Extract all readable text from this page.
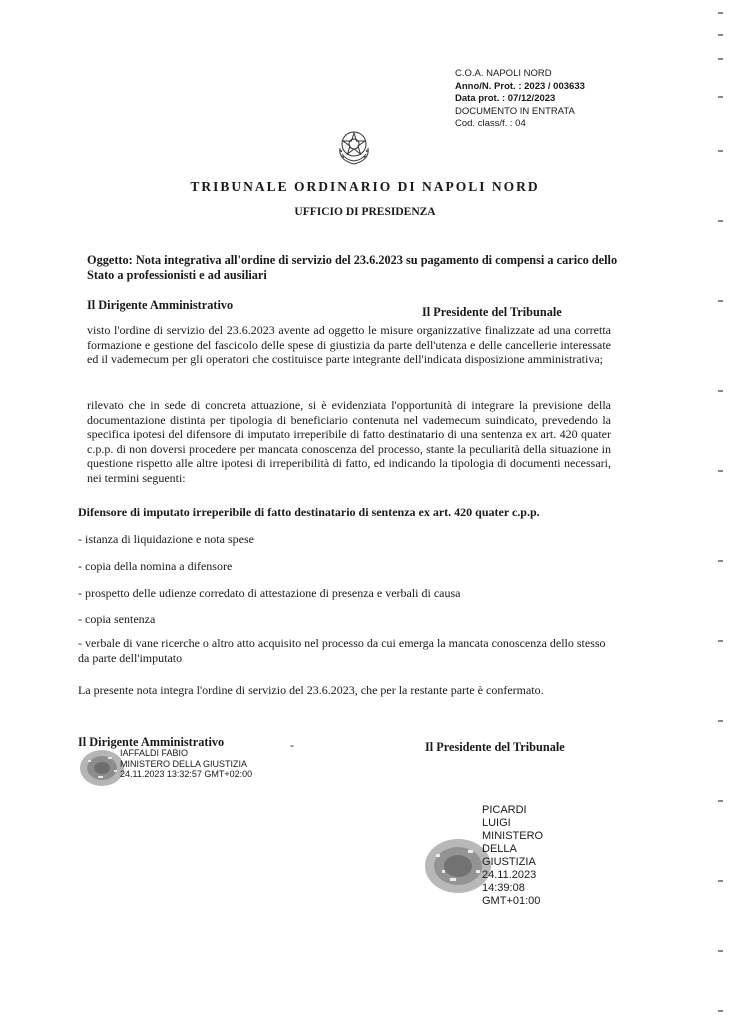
C.O.A. NAPOLI NORD
Anno/N. Prot. : 2023 / 003633
Data prot. : 07/12/2023
DOCUMENTO IN ENTRATA
Cod. class/f. : 04
TRIBUNALE ORDINARIO DI NAPOLI NORD
UFFICIO DI PRESIDENZA
Oggetto: Nota integrativa all'ordine di servizio del 23.6.2023 su pagamento di compensi a carico dello Stato a professionisti e ad ausiliari
Il Dirigente Amministrativo	Il Presidente del Tribunale
visto l'ordine di servizio del 23.6.2023 avente ad oggetto le misure organizzative finalizzate ad una corretta formazione e gestione del fascicolo delle spese di giustizia da parte dell'utenza e delle cancellerie interessate ed il vademecum per gli operatori che costituisce parte integrante dell'indicata disposizione amministrativa;
rilevato che in sede di concreta attuazione, si è evidenziata l'opportunità di integrare la previsione della documentazione distinta per tipologia di beneficiario contenuta nel vademecum suindicato, prevedendo la specifica ipotesi del difensore di imputato irreperibile di fatto destinatario di una sentenza ex art. 420 quater c.p.p. di non doversi procedere per mancata conoscenza del processo, stante la peculiarità della situazione in questione rispetto alle altre ipotesi di irreperibilità di fatto, ed indicando la tipologia di documenti necessari, nei termini seguenti:
Difensore di imputato irreperibile di fatto destinatario di sentenza ex art. 420 quater c.p.p.
- istanza di liquidazione e nota spese
- copia della nomina a difensore
- prospetto delle udienze corredato di attestazione di presenza e verbali di causa
- copia sentenza
- verbale di vane ricerche o altro atto acquisito nel processo da cui emerga la mancata conoscenza dello stesso da parte dell'imputato
La presente nota integra l'ordine di servizio del 23.6.2023, che per la restante parte è confermato.
Il Dirigente Amministrativo	-	Il Presidente del Tribunale
IAFFALDI FABIO
MINISTERO DELLA GIUSTIZIA
24.11.2023 13:32:57 GMT+02:00
PICARDI
LUIGI
MINISTERO
DELLA
GIUSTIZIA
24.11.2023
14:39:08
GMT+01:00
